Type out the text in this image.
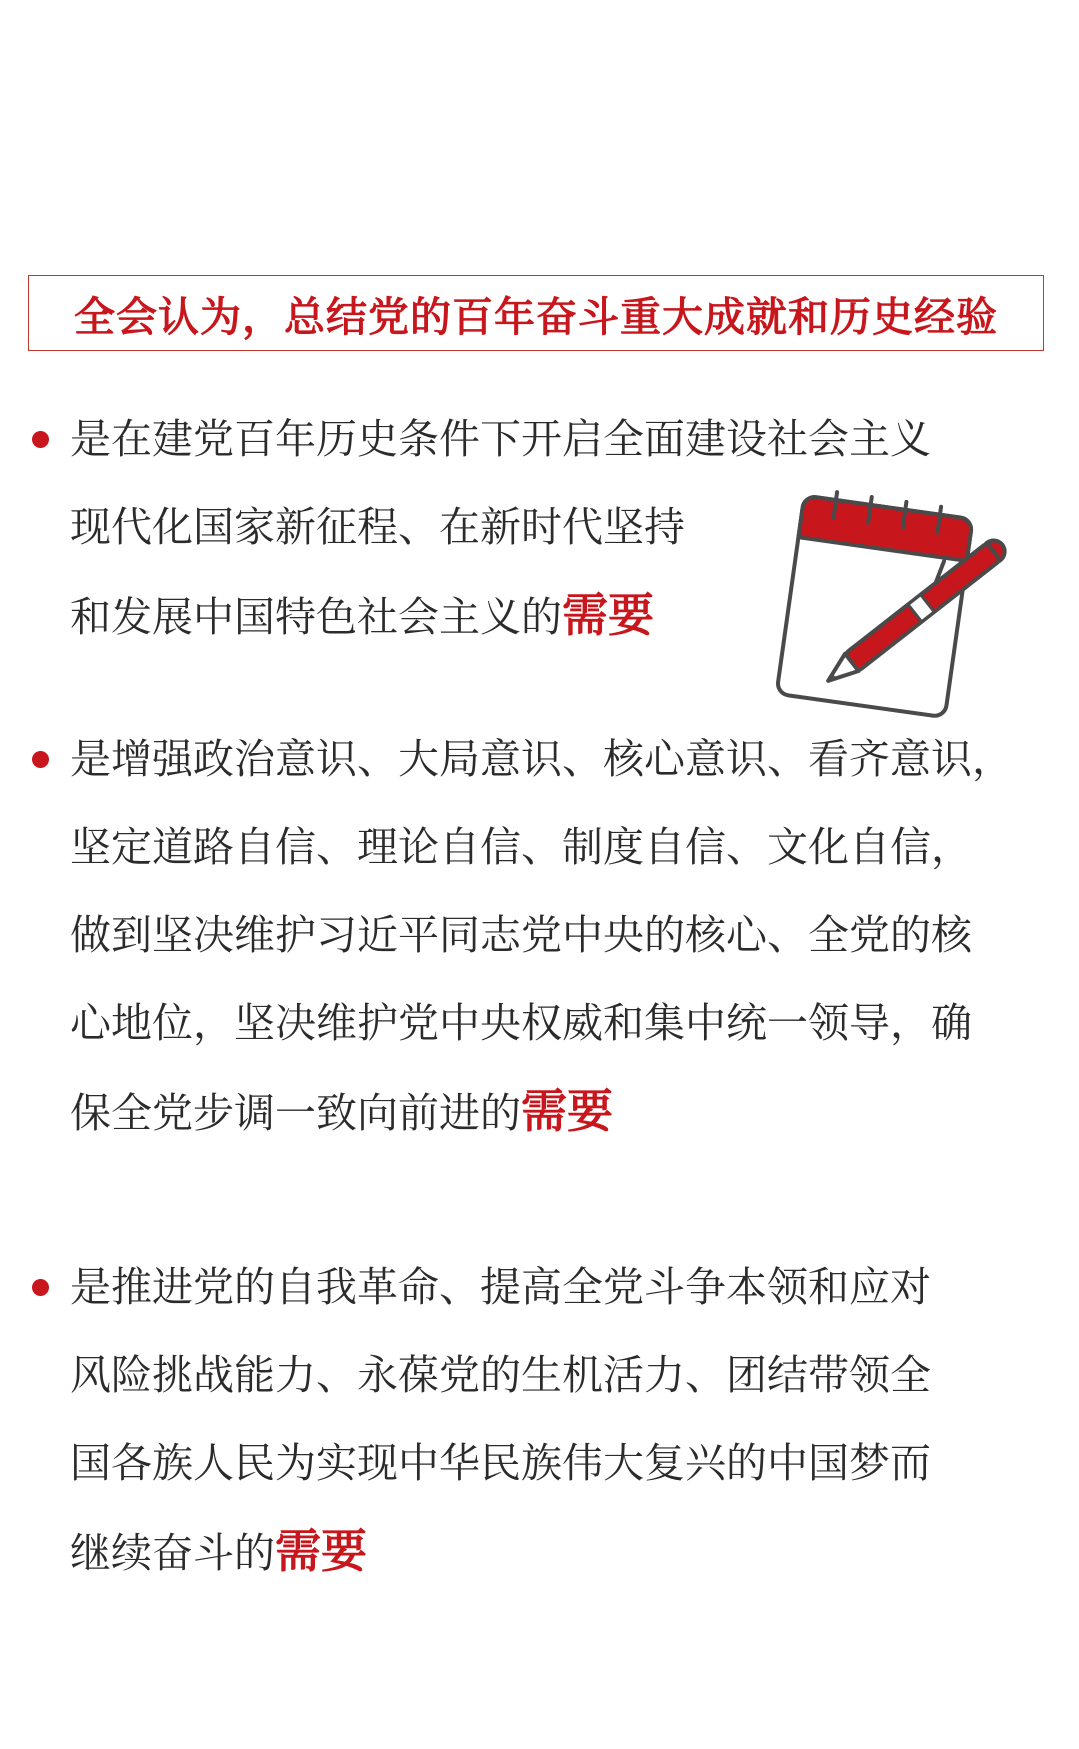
全会认为，总结党的百年奋斗重大成就和历史经验
是在建党百年历史条件下开启全面建设社会主义
现代化国家新征程、在新时代坚持
和发展中国特色社会主义的需要
是增强政治意识、大局意识、核心意识、看齐意识，
坚定道路自信、理论自信、制度自信、文化自信，
做到坚决维护习近平同志党中央的核心、全党的核
心地位，坚决维护党中央权威和集中统一领导，确
保全党步调一致向前进的需要
是推进党的自我革命、提高全党斗争本领和应对
风险挑战能力、永葆党的生机活力、团结带领全
国各族人民为实现中华民族伟大复兴的中国梦而
继续奋斗的需要
